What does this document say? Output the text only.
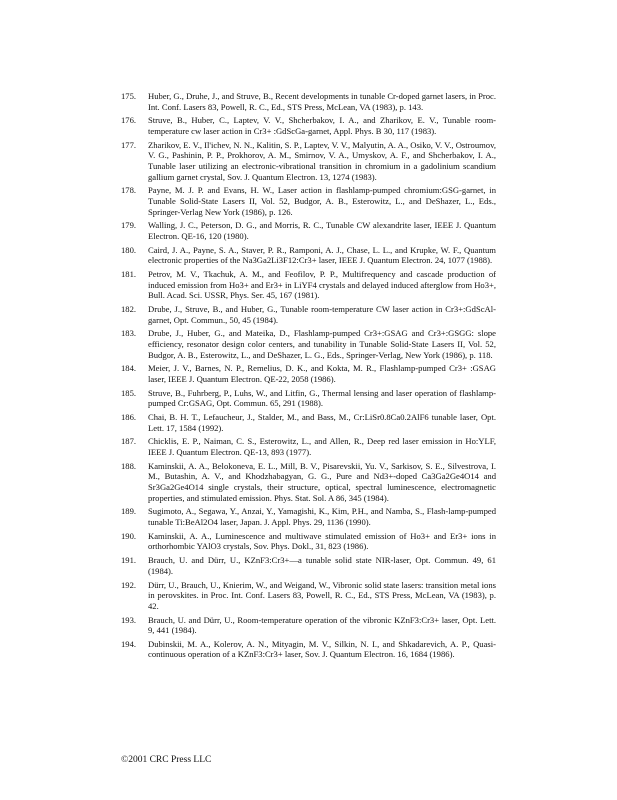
175.	Huber, G., Druhe, J., and Struve, B., Recent developments in tunable Cr-doped garnet lasers, in Proc. Int. Conf. Lasers 83, Powell, R. C., Ed., STS Press, McLean, VA (1983), p. 143.
176.	Struve, B., Huber, C., Laptev, V. V., Shcherbakov, I. A., and Zharikov, E. V., Tunable room-temperature cw laser action in Cr3+ :GdScGa-garnet, Appl. Phys. B 30, 117 (1983).
177.	Zharikov, E. V., Il'ichev, N. N., Kalitin, S. P., Laptev, V. V., Malyutin, A. A., Osiko, V. V., Ostroumov, V. G., Pashinin, P. P., Prokhorov, A. M., Smirnov, V. A., Umyskov, A. F., and Shcherbakov, I. A., Tunable laser utilizing an electronic-vibrational transition in chromium in a gadolinium scandium gallium garnet crystal, Sov. J. Quantum Electron. 13, 1274 (1983).
178.	Payne, M. J. P. and Evans, H. W., Laser action in flashlamp-pumped chromium:GSG-garnet, in Tunable Solid-State Lasers II, Vol. 52, Budgor, A. B., Esterowitz, L., and DeShazer, L., Eds., Springer-Verlag New York (1986), p. 126.
179.	Walling, J. C., Peterson, D. G., and Morris, R. C., Tunable CW alexandrite laser, IEEE J. Quantum Electron. QE-16, 120 (1980).
180.	Caird, J. A., Payne, S. A., Staver, P. R., Ramponi, A. J., Chase, L. L., and Krupke, W. F., Quantum electronic properties of the Na3Ga2Li3F12:Cr3+ laser, IEEE J. Quantum Electron. 24, 1077 (1988).
181.	Petrov, M. V., Tkachuk, A. M., and Feofilov, P. P., Multifrequency and cascade production of induced emission from Ho3+ and Er3+ in LiYF4 crystals and delayed induced afterglow from Ho3+, Bull. Acad. Sci. USSR, Phys. Ser. 45, 167 (1981).
182.	Drube, J., Struve, B., and Huber, G., Tunable room-temperature CW laser action in Cr3+:GdScAl-garnet, Opt. Commun., 50, 45 (1984).
183.	Drube, J., Huber, G., and Mateika, D., Flashlamp-pumped Cr3+:GSAG and Cr3+:GSGG: slope efficiency, resonator design color centers, and tunability in Tunable Solid-State Lasers II, Vol. 52, Budgor, A. B., Esterowitz, L., and DeShazer, L. G., Eds., Springer-Verlag, New York (1986), p. 118.
184.	Meier, J. V., Barnes, N. P., Remelius, D. K., and Kokta, M. R., Flashlamp-pumped Cr3+ :GSAG laser, IEEE J. Quantum Electron. QE-22, 2058 (1986).
185.	Struve, B., Fuhrberg, P., Luhs, W., and Litfin, G., Thermal lensing and laser operation of flashlamp-pumped Cr:GSAG, Opt. Commun. 65, 291 (1988).
186.	Chai, B. H. T., Lefaucheur, J., Stalder, M., and Bass, M., Cr:LiSr0.8Ca0.2AlF6 tunable laser, Opt. Lett. 17, 1584 (1992).
187.	Chicklis, E. P., Naiman, C. S., Esterowitz, L., and Allen, R., Deep red laser emission in Ho:YLF, IEEE J. Quantum Electron. QE-13, 893 (1977).
188.	Kaminskii, A. A., Belokoneva, E. L., Mill, B. V., Pisarevskii, Yu. V., Sarkisov, S. E., Silvestrova, I. M., Butashin, A. V., and Khodzhabagyan, G. G., Pure and Nd3+-doped Ca3Ga2Ge4O14 and Sr3Ga2Ge4O14 single crystals, their structure, optical, spectral luminescence, electromagnetic properties, and stimulated emission. Phys. Stat. Sol. A 86, 345 (1984).
189.	Sugimoto, A., Segawa, Y., Anzai, Y., Yamagishi, K., Kim, P.H., and Namba, S., Flash-lamp-pumped tunable Ti:BeAl2O4 laser, Japan. J. Appl. Phys. 29, 1136 (1990).
190.	Kaminskii, A. A., Luminescence and multiwave stimulated emission of Ho3+ and Er3+ ions in orthorhombic YAlO3 crystals, Sov. Phys. Dokl., 31, 823 (1986).
191.	Brauch, U. and Dürr, U., KZnF3:Cr3+—a tunable solid state NIR-laser, Opt. Commun. 49, 61 (1984).
192.	Dürr, U., Brauch, U., Knierim, W., and Weigand, W., Vibronic solid state lasers: transition metal ions in perovskites. in Proc. Int. Conf. Lasers 83, Powell, R. C., Ed., STS Press, McLean, VA (1983), p. 42.
193.	Brauch, U. and Dürr, U., Room-temperature operation of the vibronic KZnF3:Cr3+ laser, Opt. Lett. 9, 441 (1984).
194.	Dubinskii, M. A., Kolerov, A. N., Mityagin, M. V., Silkin, N. I., and Shkadarevich, A. P., Quasi-continuous operation of a KZnF3:Cr3+ laser, Sov. J. Quantum Electron. 16, 1684 (1986).
©2001 CRC Press LLC
